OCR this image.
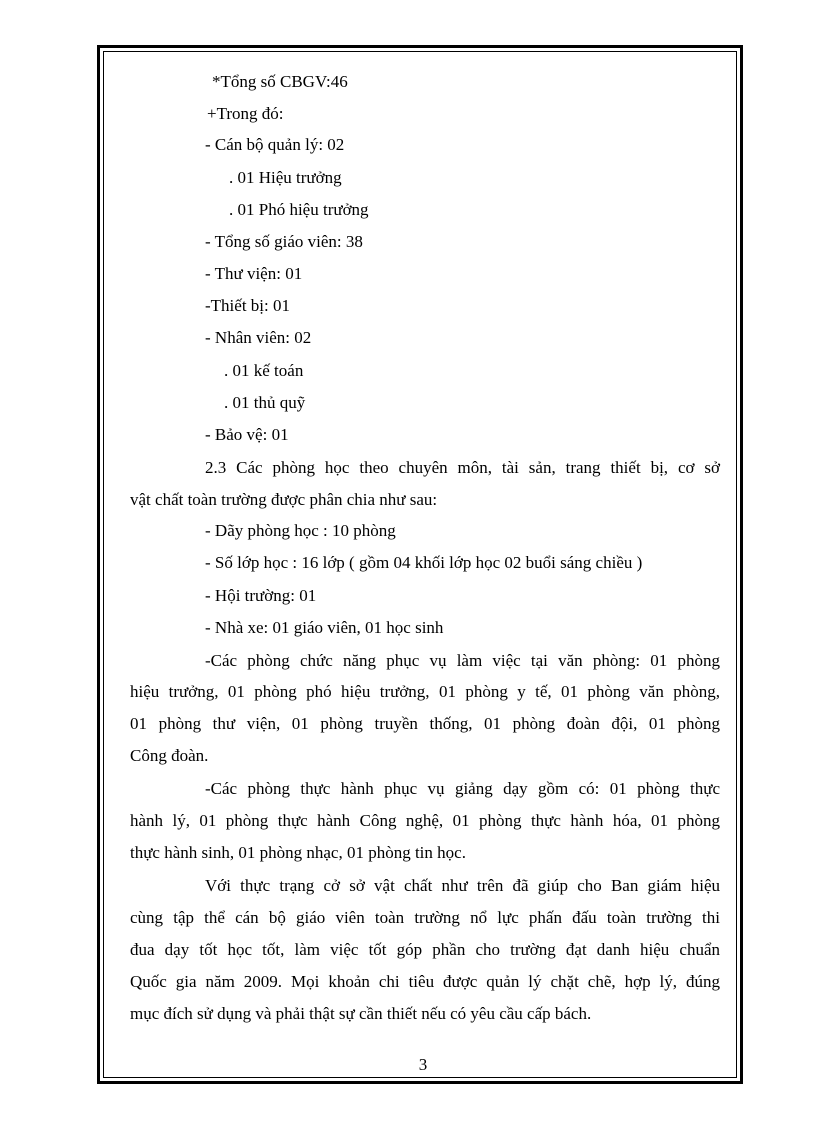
*Tổng số CBGV:46
+Trong đó:
- Cán bộ quản lý: 02
. 01 Hiệu trưởng
. 01 Phó hiệu trưởng
- Tổng số giáo viên: 38
- Thư viện: 01
-Thiết bị: 01
- Nhân viên: 02
. 01 kế toán
. 01 thủ quỹ
- Bảo vệ: 01
2.3 Các phòng học theo chuyên môn, tài sản, trang thiết bị, cơ sở
vật chất toàn trường được phân chia như sau:
- Dãy phòng học : 10 phòng
- Số lớp học : 16 lớp ( gồm 04 khối lớp học 02 buổi sáng chiều )
- Hội trường: 01
- Nhà xe: 01 giáo viên, 01 học sinh
-Các phòng chức năng phục vụ làm việc tại văn phòng: 01 phòng
hiệu trưởng, 01 phòng phó hiệu trưởng, 01 phòng y tế, 01 phòng văn phòng,
01 phòng thư viện, 01 phòng truyền thống, 01 phòng đoàn đội, 01 phòng
Công đoàn.
-Các phòng thực hành phục vụ giảng dạy gồm có: 01 phòng thực
hành lý, 01 phòng thực hành Công nghệ, 01 phòng thực hành hóa, 01 phòng
thực hành sinh, 01 phòng nhạc, 01 phòng tin học.
Với thực trạng cở sở vật chất như trên đã giúp cho Ban giám hiệu
cùng tập thể cán bộ giáo viên toàn trường nổ lực phấn đấu toàn trường thi
đua dạy tốt học tốt, làm việc tốt góp phần cho trường đạt danh hiệu chuẩn
Quốc gia năm 2009. Mọi khoản chi tiêu được quản lý chặt chẽ, hợp lý, đúng
mục đích sử dụng và phải thật sự cần thiết nếu có yêu cầu cấp bách.
3
